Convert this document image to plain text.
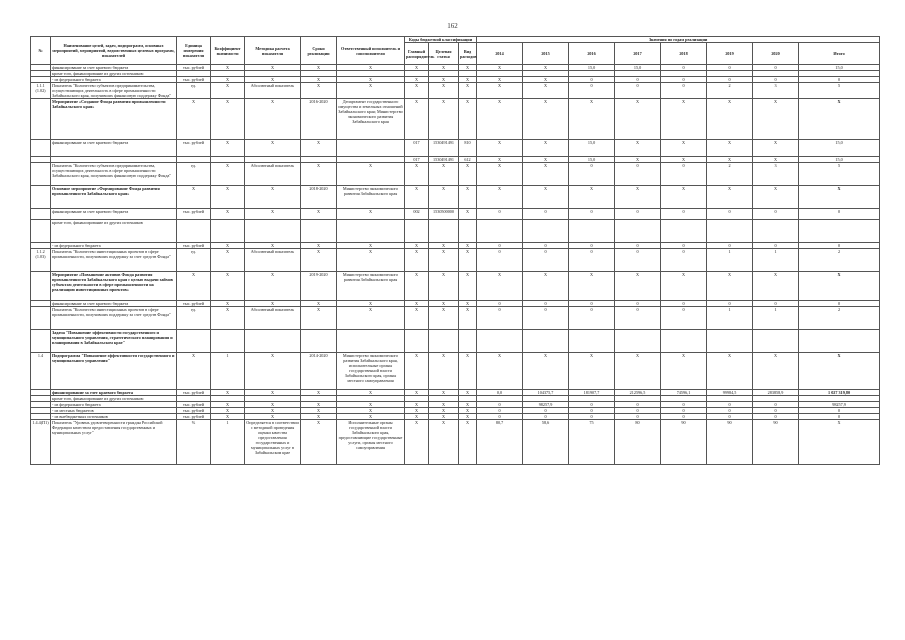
162
№	Наименование целей, задач, подпрограмм, основных мероприятий, мероприятий, ведомственных целевых программ, показателей	Единица измерения показателя	Коэффициент значимости	Методика расчета показателя	Сроки реализации	Ответственный исполнитель и соисполнители	Коды бюджетной классификации			Значения по годам реализации							
							Главный распорядитель	Целевая статья	Вид расходов	2014	2015	2016	2017	2018	2019	2020	Итого
	финансирование за счет краевого бюджета	тыс. рублей	Х	Х	Х	Х	Х	Х	Х	Х	Х	15,0	15,0	0	0	0	15,0
	кроме того, финансирование из других источников:																
	- из федерального бюджета	тыс. рублей	Х	Х	Х	Х	Х	Х	Х	Х	Х	0	0	0	0	0	0
1.1.1 (1.02)	Показатель "Количество субъектов предпринимательства, осуществляющих деятельность в сфере промышленности Забайкальского края, получивших финансовую поддержку Фонда"	ед.	Х	Абсолютный показатель	Х	Х	Х	Х	Х	Х	Х	0	0	0	2	3	5
	Мероприятие «Создание Фонда развития промышленности Забайкальского края»	Х	Х	Х	2016-2020	Департамент государственного имущества и земельных отношений Забайкальского края; Министерство экономического развития Забайкальского края	Х	Х	Х	Х	Х	Х	Х	Х	Х	Х	Х
	финансирование за счет краевого бюджета	тыс. рублей	Х	Х	Х		017	1530491491	810	Х	Х	15,0	Х	Х	Х	Х	15,0
							017	1530491491	612	Х	Х	15,0	Х	Х	Х	Х	15,0
	Показатель "Количество субъектов предпринимательства, осуществляющих деятельность в сфере промышленности Забайкальского края, получивших финансовую поддержку Фонда"	ед.	Х	Абсолютный показатель	Х	Х	Х	Х	Х	Х	Х	0	0	0	2	3	5
	Основное мероприятие «Формирование Фонда развития промышленности Забайкальского края»	Х	Х	Х	2018-2020	Министерство экономического развития Забайкальского края	Х	Х	Х	Х	Х	Х	Х	Х	Х	Х	Х
	финансирование за счет краевого бюджета	тыс. рублей	Х	Х	Х	Х	002	1530500000	Х	0	0	0	0	0	0	0	0
	кроме того, финансирование из других источников																
	- из федерального бюджета	тыс. рублей	Х	Х	Х	Х	Х	Х	Х	0	0	0	0	0	0	0	0
1.1.2 (1.03)	Показатель "Количество инвестиционных проектов в сфере промышленности, получивших поддержку за счет средств Фонда"	ед.	Х	Абсолютный показатель	Х	Х	Х	Х	Х	0	0	0	0	0	1	1	2
	Мероприятие «Повышение активов Фонда развития промышленности Забайкальского края с целью выдачи займов субъектам деятельности в сфере промышленности на реализацию инвестиционных проектов»	Х	Х	Х	2019-2020	Министерство экономического развития Забайкальского края	Х	Х	Х	Х	Х	Х	Х	Х	Х	Х	Х
	финансирование за счет краевого бюджета	тыс. рублей	Х	Х	Х	Х	Х	Х	Х	0	0	0	0	0	0	0	0
	Показатель "Количество инвестиционных проектов в сфере промышленности, получивших поддержку за счет средств Фонда"	ед.	Х	Абсолютный показатель	Х	Х	Х	Х	Х	0	0	0	0	0	1	1	2
	Задача "Повышение эффективности государственного и муниципального управления, стратегического планирования и планирования в Забайкальском крае"																
1.4	Подпрограмма "Повышение эффективности государственного и муниципального управления"	Х	1	Х	2014-2020	Министерство экономического развития Забайкальского края, исполнительные органы государственной власти Забайкальского края, органы местного самоуправления	Х	Х	Х	Х	Х	Х	Х	Х	Х	Х	Х
	финансирование за счет краевого бюджета	тыс. рублей	Х	Х	Х	Х	Х	Х	Х	0,0	104375,7	181907,7	212596,5	74596,1	99984,5	283858,9	1 027 319,80
	кроме того, финансирование из других источников:																
	- из федерального бюджета	тыс. рублей	Х	Х	Х	Х	Х	Х	Х	0	98257,9	0	0	0	0	0	98257,9
	- из местных бюджетов	тыс. рублей	Х	Х	Х	Х	Х	Х	Х	0	0	0	0	0	0	0	0
	- из внебюджетных источников	тыс. рублей	Х	Х	Х	Х	Х	Х	Х	0	0	0	0	0	0	0	0
1.4.4(П1)	Показатель "Уровень удовлетворенности граждан Российской Федерации качеством предоставления государственных и муниципальных услуг"	%	1	Определяется в соответствии с методикой проведения оценки качества предоставления государственных и муниципальных услуг в Забайкальском крае	Х	Исполнительные органы государственной власти Забайкальского края, предоставляющие государственные услуги, органы местного самоуправления	Х	Х	Х	80,7	58,6	75	80	90	90	90	Х
